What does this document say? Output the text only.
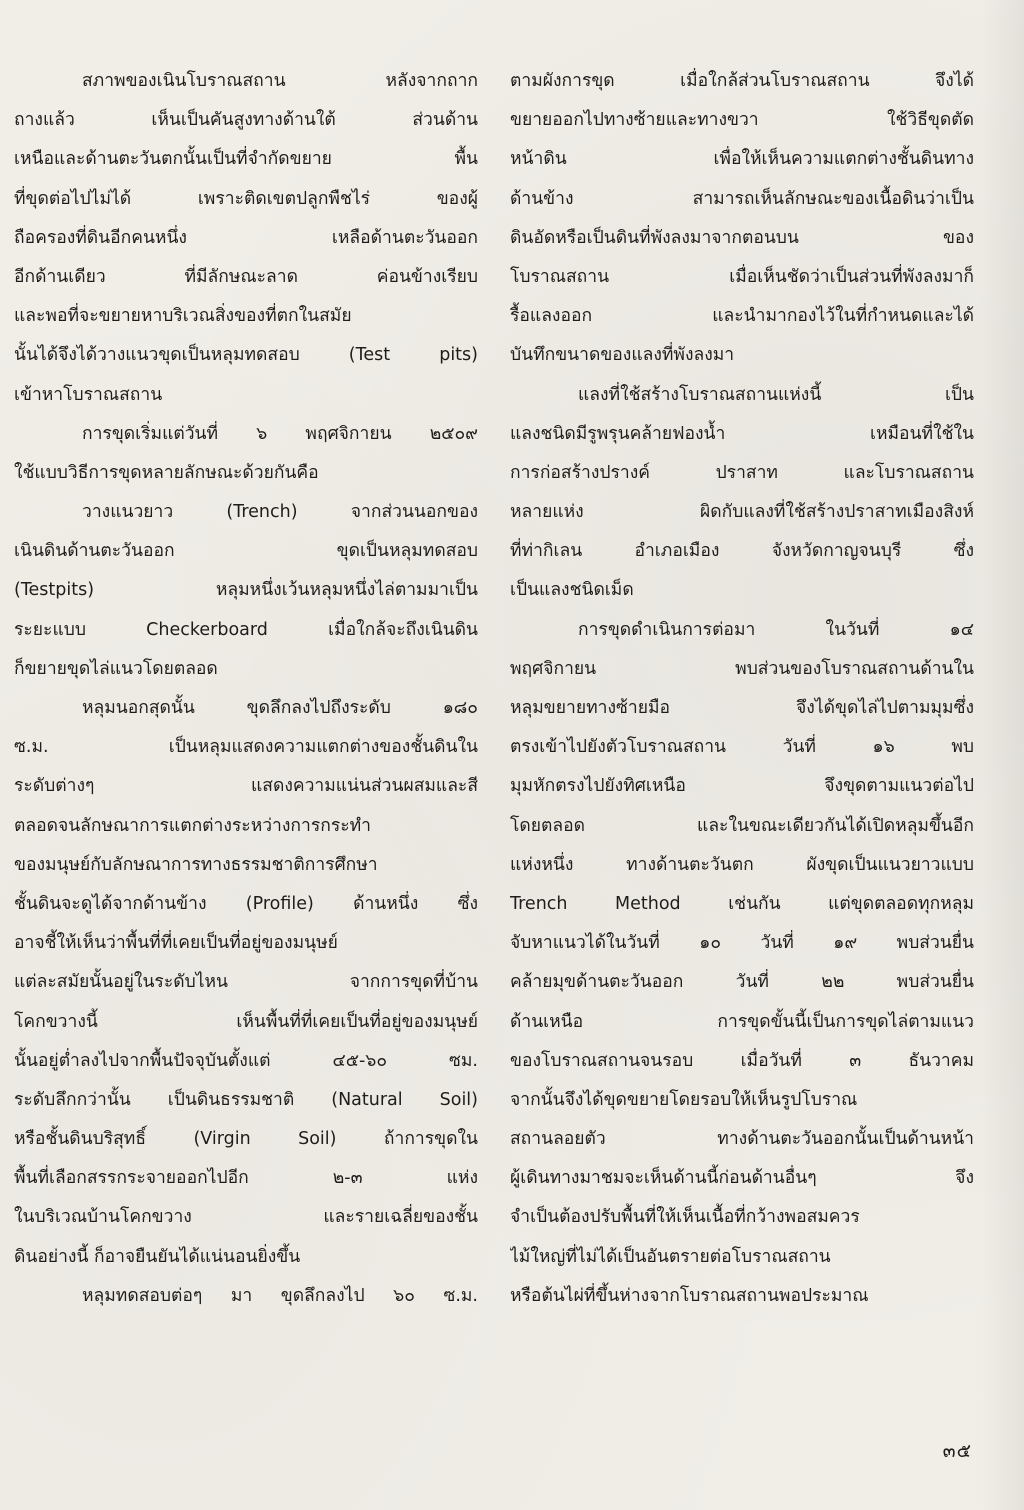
สภาพของเนินโบราณสถาน หลังจากถาก
ถางแล้ว เห็นเป็นคันสูงทางด้านใต้ ส่วนด้าน
เหนือและด้านตะวันตกนั้นเป็นที่จำกัดขยาย พื้น
ที่ขุดต่อไปไม่ได้ เพราะติดเขตปลูกพืชไร่ ของผู้
ถือครองที่ดินอีกคนหนึ่ง เหลือด้านตะวันออก
อีกด้านเดียว ที่มีลักษณะลาด ค่อนข้างเรียบ
และพอที่จะขยายหาบริเวณสิ่งของที่ตกในสมัย
นั้นได้จึงได้วางแนวขุดเป็นหลุมทดสอบ (Test pits)
เข้าหาโบราณสถาน
การขุดเริ่มแต่วันที่ ๖ พฤศจิกายน ๒๕๐๙
ใช้แบบวิธีการขุดหลายลักษณะด้วยกันคือ
วางแนวยาว (Trench) จากส่วนนอกของ
เนินดินด้านตะวันออก ขุดเป็นหลุมทดสอบ
(Testpits) หลุมหนึ่งเว้นหลุมหนึ่งไล่ตามมาเป็น
ระยะแบบ Checkerboard เมื่อใกล้จะถึงเนินดิน
ก็ขยายขุดไล่แนวโดยตลอด
หลุมนอกสุดนั้น ขุดลึกลงไปถึงระดับ ๑๘๐
ซ.ม. เป็นหลุมแสดงความแตกต่างของชั้นดินใน
ระดับต่างๆ แสดงความแน่นส่วนผสมและสี
ตลอดจนลักษณาการแตกต่างระหว่างการกระทำ
ของมนุษย์กับลักษณาการทางธรรมชาติการศึกษา
ชั้นดินจะดูได้จากด้านข้าง (Profile) ด้านหนึ่ง ซึ่ง
อาจชี้ให้เห็นว่าพื้นที่ที่เคยเป็นที่อยู่ของมนุษย์
แต่ละสมัยนั้นอยู่ในระดับไหน จากการขุดที่บ้าน
โคกขวางนี้ เห็นพื้นที่ที่เคยเป็นที่อยู่ของมนุษย์
นั้นอยู่ต่ำลงไปจากพื้นปัจจุบันตั้งแต่ ๔๕-๖๐ ซม.
ระดับลึกกว่านั้น เป็นดินธรรมชาติ (Natural Soil)
หรือชั้นดินบริสุทธิ์ (Virgin Soil) ถ้าการขุดใน
พื้นที่เลือกสรรกระจายออกไปอีก ๒-๓ แห่ง
ในบริเวณบ้านโคกขวาง และรายเฉลี่ยของชั้น
ดินอย่างนี้ ก็อาจยืนยันได้แน่นอนยิ่งขึ้น
หลุมทดสอบต่อๆ มา ขุดลึกลงไป ๖๐ ซ.ม.
ตามผังการขุด เมื่อใกล้ส่วนโบราณสถาน จึงได้
ขยายออกไปทางซ้ายและทางขวา ใช้วิธีขุดตัด
หน้าดิน เพื่อให้เห็นความแตกต่างชั้นดินทาง
ด้านข้าง สามารถเห็นลักษณะของเนื้อดินว่าเป็น
ดินอัดหรือเป็นดินที่พังลงมาจากตอนบน ของ
โบราณสถาน เมื่อเห็นชัดว่าเป็นส่วนที่พังลงมาก็
รื้อแลงออก และนำมากองไว้ในที่กำหนดและได้
บันทึกขนาดของแลงที่พังลงมา
แลงที่ใช้สร้างโบราณสถานแห่งนี้ เป็น
แลงชนิดมีรูพรุนคล้ายฟองน้ำ เหมือนที่ใช้ใน
การก่อสร้างปรางค์ ปราสาท และโบราณสถาน
หลายแห่ง ผิดกับแลงที่ใช้สร้างปราสาทเมืองสิงห์
ที่ท่ากิเลน อำเภอเมือง จังหวัดกาญจนบุรี ซึ่ง
เป็นแลงชนิดเม็ด
การขุดดำเนินการต่อมา ในวันที่ ๑๔
พฤศจิกายน พบส่วนของโบราณสถานด้านใน
หลุมขยายทางซ้ายมือ จึงได้ขุดไล่ไปตามมุมซึ่ง
ตรงเข้าไปยังตัวโบราณสถาน วันที่ ๑๖ พบ
มุมหักตรงไปยังทิศเหนือ จึงขุดตามแนวต่อไป
โดยตลอด และในขณะเดียวกันได้เปิดหลุมขึ้นอีก
แห่งหนึ่ง ทางด้านตะวันตก ผังขุดเป็นแนวยาวแบบ
Trench Method เช่นกัน แต่ขุดตลอดทุกหลุม
จับหาแนวได้ในวันที่ ๑๐ วันที่ ๑๙ พบส่วนยื่น
คล้ายมุขด้านตะวันออก วันที่ ๒๒ พบส่วนยื่น
ด้านเหนือ การขุดขั้นนี้เป็นการขุดไล่ตามแนว
ของโบราณสถานจนรอบ เมื่อวันที่ ๓ ธันวาคม
จากนั้นจึงได้ขุดขยายโดยรอบให้เห็นรูปโบราณ
สถานลอยตัว ทางด้านตะวันออกนั้นเป็นด้านหน้า
ผู้เดินทางมาชมจะเห็นด้านนี้ก่อนด้านอื่นๆ จึง
จำเป็นต้องปรับพื้นที่ให้เห็นเนื้อที่กว้างพอสมควร
ไม้ใหญ่ที่ไม่ได้เป็นอันตรายต่อโบราณสถาน
หรือต้นไผ่ที่ขึ้นห่างจากโบราณสถานพอประมาณ
๓๕
